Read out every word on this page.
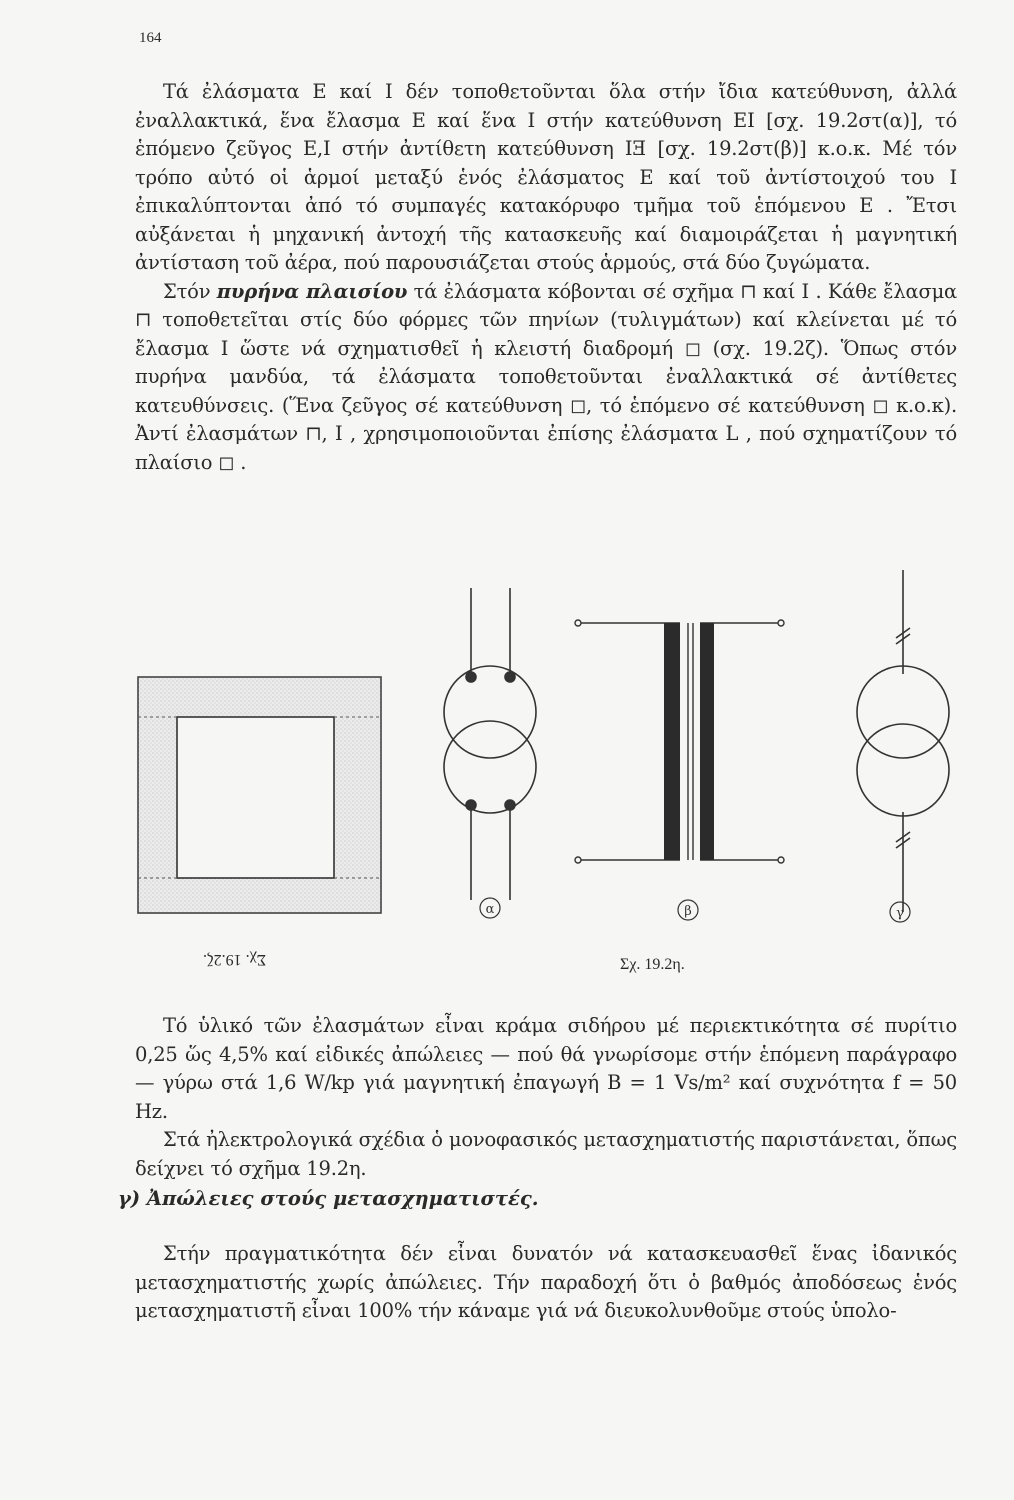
164

Τά ἐλάσματα E καί I δέν τοποθετοῦνται ὅλα στήν ἴδια κατεύθυνση, ἀλλά ἐναλλακτικά, ἕνα ἔλασμα E καί ἕνα I στήν κατεύθυνση EI [σχ. 19.2στ(α)], τό ἑπόμενο ζεῦγος E,I στήν ἀντίθετη κατεύθυνση IƎ [σχ. 19.2στ(β)] κ.ο.κ. Μέ τόν τρόπο αὐτό οἱ ἁρμοί μεταξύ ἑνός ἐλάσματος E καί τοῦ ἀντίστοιχού του I ἐπικαλύπτονται ἀπό τό συμπαγές κατακόρυφο τμῆμα τοῦ ἑπόμενου E . Ἔτσι αὐξάνεται ἡ μηχανική ἀντοχή τῆς κατασκευῆς καί διαμοιράζεται ἡ μαγνητική ἀντίσταση τοῦ ἀέρα, πού παρουσιάζεται στούς ἁρμούς, στά δύο ζυγώματα.

Στόν πυρήνα πλαισίου τά ἐλάσματα κόβονται σέ σχῆμα ⊓ καί I . Κάθε ἔλασμα ⊓ τοποθετεῖται στίς δύο φόρμες τῶν πηνίων (τυλιγμάτων) καί κλείνεται μέ τό ἔλασμα I ὥστε νά σχηματισθεῖ ἡ κλειστή διαδρομή ◻ (σχ. 19.2ζ). Ὅπως στόν πυρήνα μανδύα, τά ἐλάσματα τοποθετοῦνται ἐναλλακτικά σέ ἀντίθετες κατευθύνσεις. (Ἕνα ζεῦγος σέ κατεύθυνση ◻, τό ἑπόμενο σέ κατεύθυνση ◻ κ.ο.κ). Ἀντί ἐλασμάτων ⊓, I , χρησιμοποιοῦνται ἐπίσης ἐλάσματα L , πού σχηματίζουν τό πλαίσιο ◻ .

α	β	γ
Σχ. 19.2ζ.	Σχ. 19.2η.

Τό ὑλικό τῶν ἐλασμάτων εἶναι κράμα σιδήρου μέ περιεκτικότητα σέ πυρίτιο 0,25 ὥς 4,5% καί εἰδικές ἀπώλειες — πού θά γνωρίσομε στήν ἑπόμενη παράγραφο — γύρω στά 1,6 W/kp γιά μαγνητική ἐπαγωγή B = 1 Vs/m² καί συχνότητα f = 50 Hz.

Στά ἠλεκτρολογικά σχέδια ὁ μονοφασικός μετασχηματιστής παριστάνεται, ὅπως δείχνει τό σχῆμα 19.2η.

γ) Ἀπώλειες στούς μετασχηματιστές.

Στήν πραγματικότητα δέν εἶναι δυνατόν νά κατασκευασθεῖ ἕνας ἰδανικός μετασχηματιστής χωρίς ἀπώλειες. Τήν παραδοχή ὅτι ὁ βαθμός ἀποδόσεως ἑνός μετασχηματιστῆ εἶναι 100% τήν κάναμε γιά νά διευκολυνθοῦμε στούς ὑπολο-
